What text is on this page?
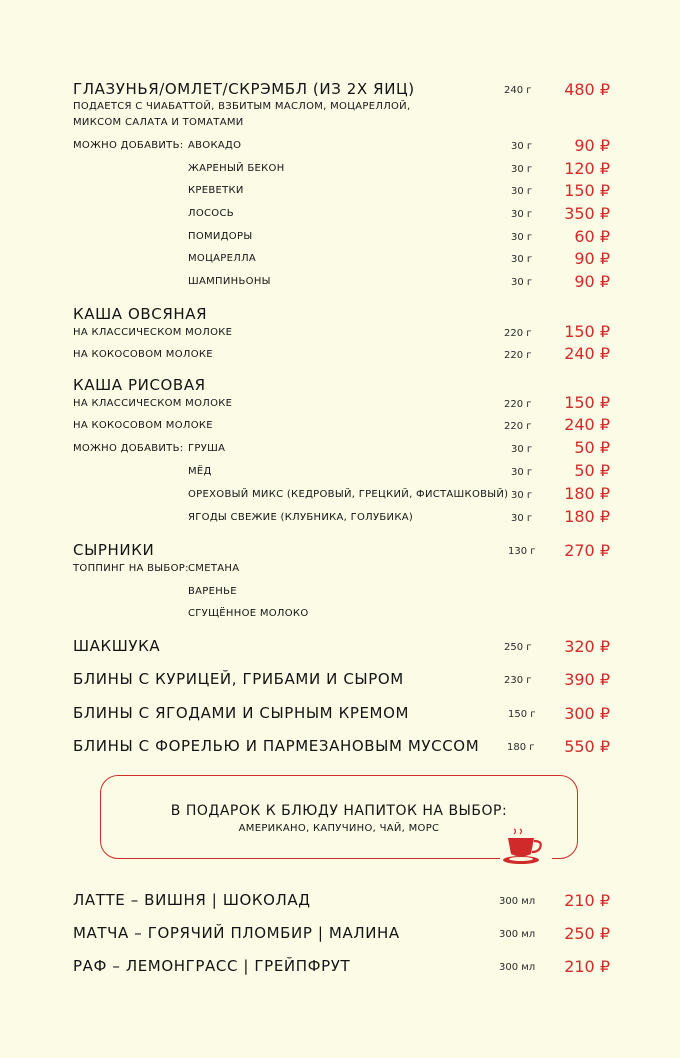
ГЛАЗУНЬЯ/ОМЛЕТ/СКРЭМБЛ (ИЗ 2Х ЯИЦ)	240 г	480 ₽
ПОДАЕТСЯ С ЧИАБАТТОЙ, ВЗБИТЫМ МАСЛОМ, МОЦАРЕЛЛОЙ,
МИКСОМ САЛАТА И ТОМАТАМИ
МОЖНО ДОБАВИТЬ: АВОКАДО	30 г	90 ₽
ЖАРЕНЫЙ БЕКОН	30 г	120 ₽
КРЕВЕТКИ	30 г	150 ₽
ЛОСОСЬ	30 г	350 ₽
ПОМИДОРЫ	30 г	60 ₽
МОЦАРЕЛЛА	30 г	90 ₽
ШАМПИНЬОНЫ	30 г	90 ₽
КАША ОВСЯНАЯ
НА КЛАССИЧЕСКОМ МОЛОКЕ	220 г	150 ₽
НА КОКОСОВОМ МОЛОКЕ	220 г	240 ₽
КАША РИСОВАЯ
НА КЛАССИЧЕСКОМ МОЛОКЕ	220 г	150 ₽
НА КОКОСОВОМ МОЛОКЕ	220 г	240 ₽
МОЖНО ДОБАВИТЬ: ГРУША	30 г	50 ₽
МЁД	30 г	50 ₽
ОРЕХОВЫЙ МИКС (КЕДРОВЫЙ, ГРЕЦКИЙ, ФИСТАШКОВЫЙ) 30 г	180 ₽
ЯГОДЫ СВЕЖИЕ (КЛУБНИКА, ГОЛУБИКА)	30 г	180 ₽
СЫРНИКИ	130 г	270 ₽
ТОППИНГ НА ВЫБОР: СМЕТАНА
ВАРЕНЬЕ
СГУЩЁННОЕ МОЛОКО
ШАКШУКА	250 г	320 ₽
БЛИНЫ С КУРИЦЕЙ, ГРИБАМИ И СЫРОМ	230 г	390 ₽
БЛИНЫ С ЯГОДАМИ И СЫРНЫМ КРЕМОМ	150 г	300 ₽
БЛИНЫ С ФОРЕЛЬЮ И ПАРМЕЗАНОВЫМ МУССОМ	180 г	550 ₽
В ПОДАРОК К БЛЮДУ НАПИТОК НА ВЫБОР:
АМЕРИКАНО, КАПУЧИНО, ЧАЙ, МОРС
ЛАТТЕ – ВИШНЯ | ШОКОЛАД	300 мл	210 ₽
МАТЧА – ГОРЯЧИЙ ПЛОМБИР | МАЛИНА	300 мл	250 ₽
РАФ – ЛЕМОНГРАСС | ГРЕЙПФРУТ	300 мл	210 ₽
